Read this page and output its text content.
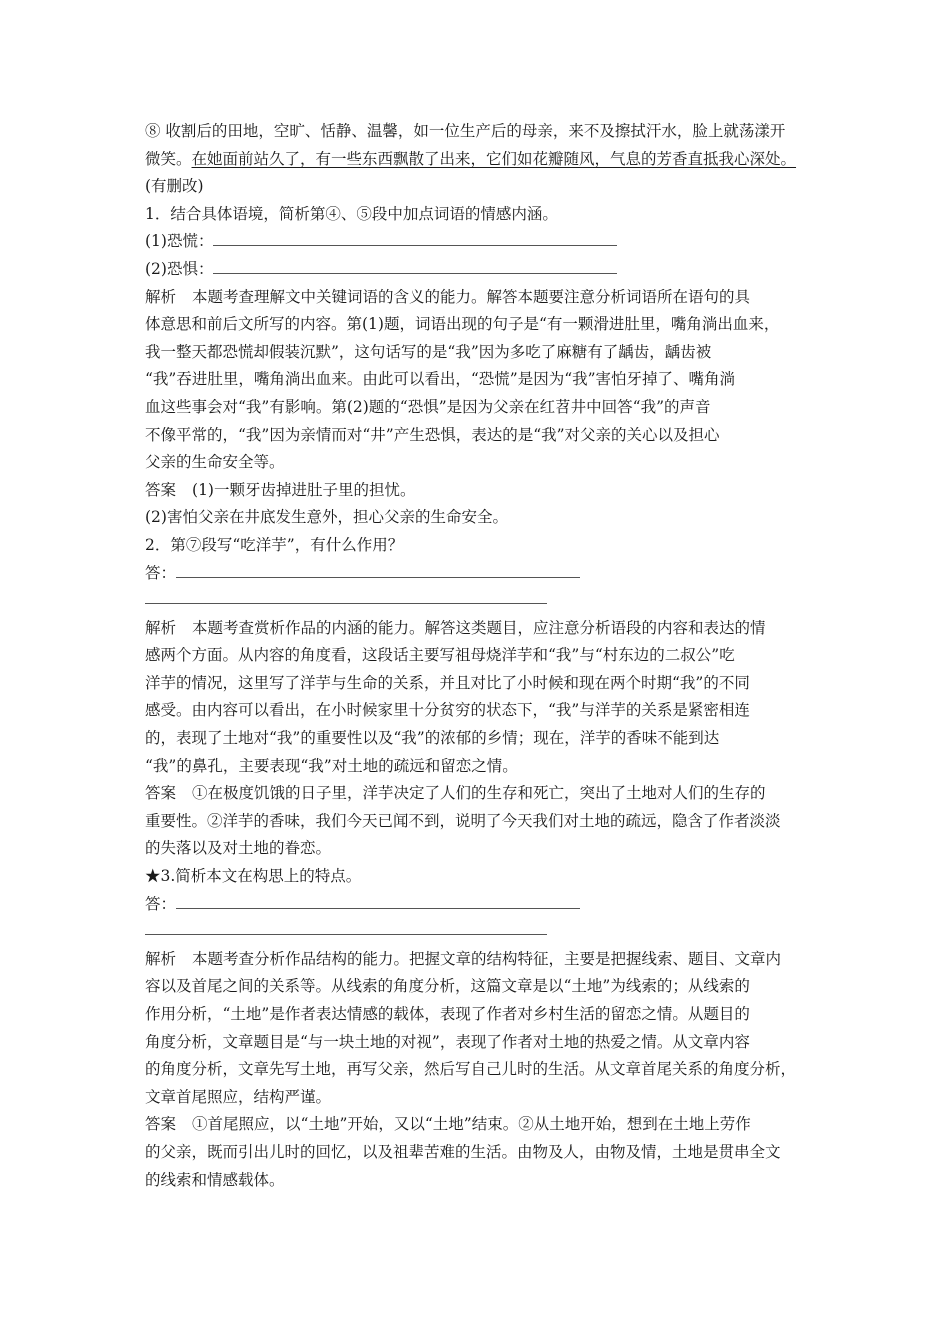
⑧ 收割后的田地，空旷、恬静、温馨，如一位生产后的母亲，来不及擦拭汗水，脸上就荡漾开
微笑。在她面前站久了，有一些东西飘散了出来，它们如花瓣随风，气息的芳香直抵我心深处。
(有删改)
1．结合具体语境，简析第④、⑤段中加点词语的情感内涵。
(1)恐慌：
(2)恐惧：
解析 本题考查理解文中关键词语的含义的能力。解答本题要注意分析词语所在语句的具
体意思和前后文所写的内容。第(1)题，词语出现的句子是“有一颗滑进肚里，嘴角淌出血来，
我一整天都恐慌却假装沉默”，这句话写的是“我”因为多吃了麻糖有了龋齿，龋齿被
“我”吞进肚里，嘴角淌出血来。由此可以看出，“恐慌”是因为“我”害怕牙掉了、嘴角淌
血这些事会对“我”有影响。第(2)题的“恐惧”是因为父亲在红苕井中回答“我”的声音
不像平常的，“我”因为亲情而对“井”产生恐惧，表达的是“我”对父亲的关心以及担心
父亲的生命安全等。
答案 (1)一颗牙齿掉进肚子里的担忧。
(2)害怕父亲在井底发生意外，担心父亲的生命安全。
2．第⑦段写“吃洋芋”，有什么作用？
答：
解析 本题考查赏析作品的内涵的能力。解答这类题目，应注意分析语段的内容和表达的情
感两个方面。从内容的角度看，这段话主要写祖母烧洋芋和“我”与“村东边的二叔公”吃
洋芋的情况，这里写了洋芋与生命的关系，并且对比了小时候和现在两个时期“我”的不同
感受。由内容可以看出，在小时候家里十分贫穷的状态下，“我”与洋芋的关系是紧密相连
的，表现了土地对“我”的重要性以及“我”的浓郁的乡情；现在，洋芋的香味不能到达
“我”的鼻孔，主要表现“我”对土地的疏远和留恋之情。
答案 ①在极度饥饿的日子里，洋芋决定了人们的生存和死亡，突出了土地对人们的生存的
重要性。②洋芋的香味，我们今天已闻不到，说明了今天我们对土地的疏远，隐含了作者淡淡
的失落以及对土地的眷恋。
★3.简析本文在构思上的特点。
答：
解析 本题考查分析作品结构的能力。把握文章的结构特征，主要是把握线索、题目、文章内
容以及首尾之间的关系等。从线索的角度分析，这篇文章是以“土地”为线索的；从线索的
作用分析，“土地”是作者表达情感的载体，表现了作者对乡村生活的留恋之情。从题目的
角度分析，文章题目是“与一块土地的对视”，表现了作者对土地的热爱之情。从文章内容
的角度分析，文章先写土地，再写父亲，然后写自己儿时的生活。从文章首尾关系的角度分析，
文章首尾照应，结构严谨。
答案 ①首尾照应，以“土地”开始，又以“土地”结束。②从土地开始，想到在土地上劳作
的父亲，既而引出儿时的回忆，以及祖辈苦难的生活。由物及人，由物及情，土地是贯串全文
的线索和情感载体。
